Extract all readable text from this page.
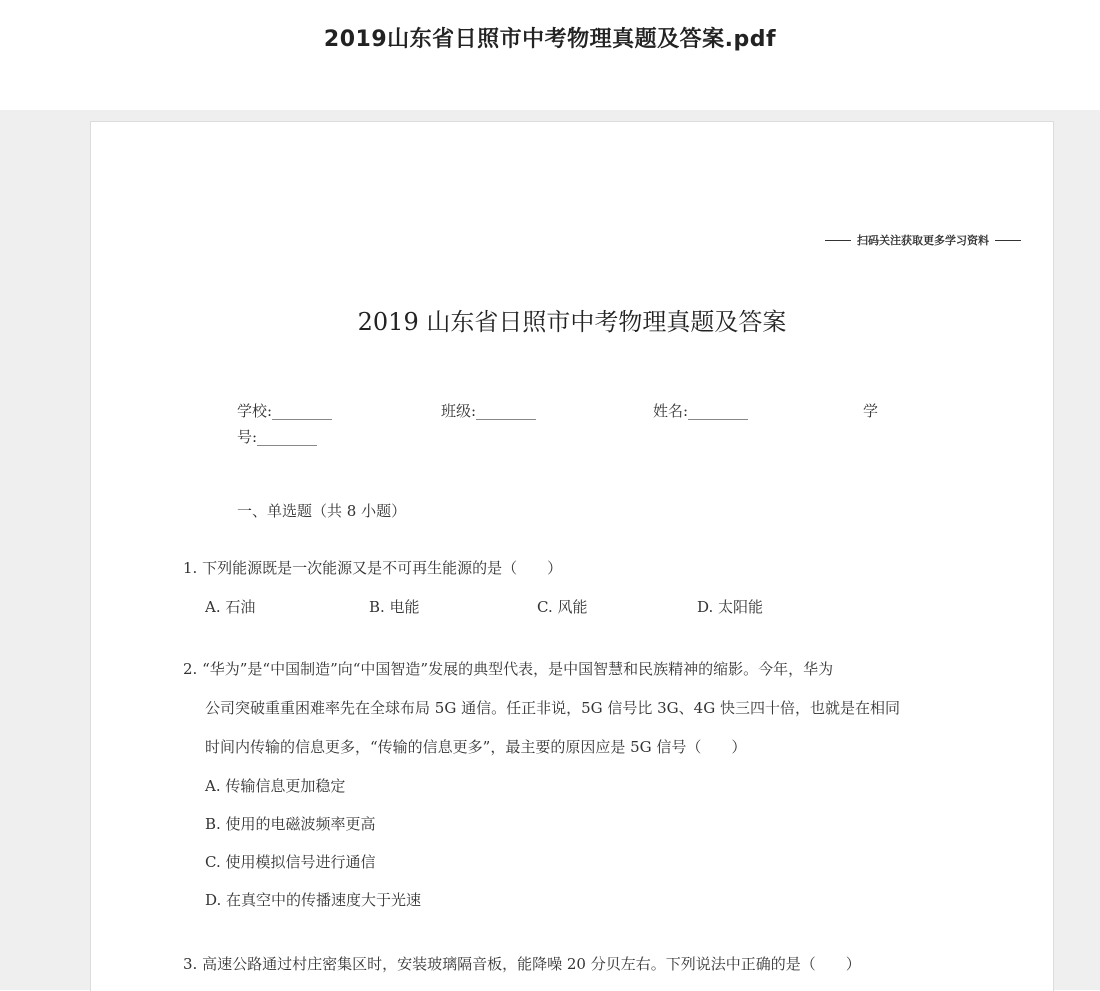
2019山东省日照市中考物理真题及答案.pdf
扫码关注获取更多学习资料
2019 山东省日照市中考物理真题及答案
学校:________	班级:________	姓名:________	学
号:________
一、单选题（共 8 小题）
1. 下列能源既是一次能源又是不可再生能源的是（　　）
A. 石油	B. 电能	C. 风能	D. 太阳能
2. “华为”是“中国制造”向“中国智造”发展的典型代表，是中国智慧和民族精神的缩影。今年，华为
公司突破重重困难率先在全球布局 5G 通信。任正非说，5G 信号比 3G、4G 快三四十倍，也就是在相同
时间内传输的信息更多，“传输的信息更多”，最主要的原因应是 5G 信号（　　）
A. 传输信息更加稳定
B. 使用的电磁波频率更高
C. 使用模拟信号进行通信
D. 在真空中的传播速度大于光速
3. 高速公路通过村庄密集区时，安装玻璃隔音板，能降噪 20 分贝左右。下列说法中正确的是（　　）
